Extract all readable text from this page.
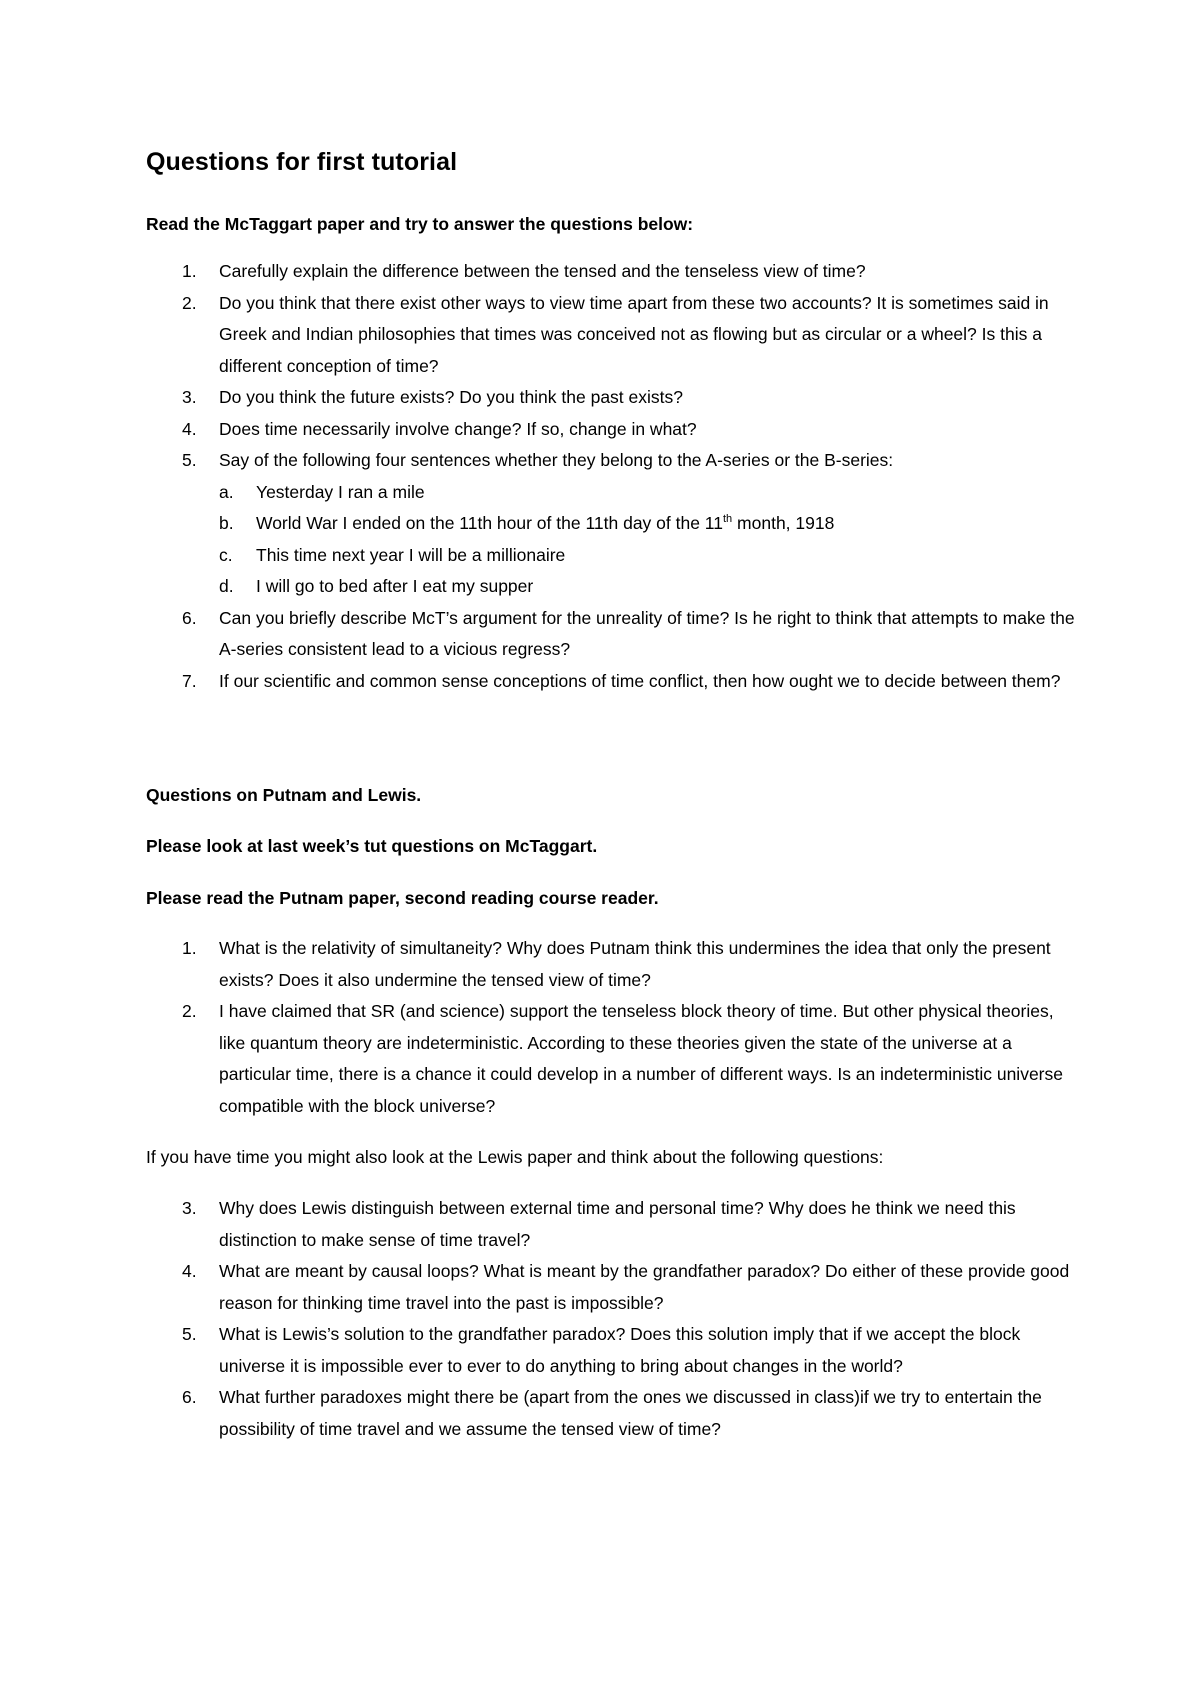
Questions for first tutorial
Read the McTaggart paper and try to answer the questions below:
1.	Carefully explain the difference between the tensed and the tenseless view of time?
2.	Do you think that there exist other ways to view time apart from these two accounts? It is sometimes said in Greek and Indian philosophies that times was conceived not as flowing but as circular or a wheel? Is this a different conception of time?
3.	Do you think the future exists? Do you think the past exists?
4.	Does time necessarily involve change? If so, change in what?
5.	Say of the following four sentences whether they belong to the A-series or the B-series:
a. Yesterday I ran a mile
b. World War I ended on the 11th hour of the 11th day of the 11th month, 1918
c. This time next year I will be a millionaire
d. I will go to bed after I eat my supper
6.	Can you briefly describe McT’s argument for the unreality of time? Is he right to think that attempts to make the A-series consistent lead to a vicious regress?
7.	If our scientific and common sense conceptions of time conflict, then how ought we to decide between them?
Questions on Putnam and Lewis.
Please look at last week’s tut questions on McTaggart.
Please read the Putnam paper, second reading course reader.
1.	What is the relativity of simultaneity? Why does Putnam think this undermines the idea that only the present exists? Does it also undermine the tensed view of time?
2.	I have claimed that SR (and science) support the tenseless block theory of time. But other physical theories, like quantum theory are indeterministic. According to these theories given the state of the universe at a particular time, there is a chance it could develop in a number of different ways. Is an indeterministic universe compatible with the block universe?
If you have time you might also look at the Lewis paper and think about the following questions:
3.	Why does Lewis distinguish between external time and personal time? Why does he think we need this distinction to make sense of time travel?
4.	What are meant by causal loops? What is meant by the grandfather paradox? Do either of these provide good reason for thinking time travel into the past is impossible?
5.	What is Lewis’s solution to the grandfather paradox? Does this solution imply that if we accept the block universe it is impossible ever to ever to do anything to bring about changes in the world?
6.	What further paradoxes might there be (apart from the ones we discussed in class)if we try to entertain the possibility of time travel and we assume the tensed view of time?
